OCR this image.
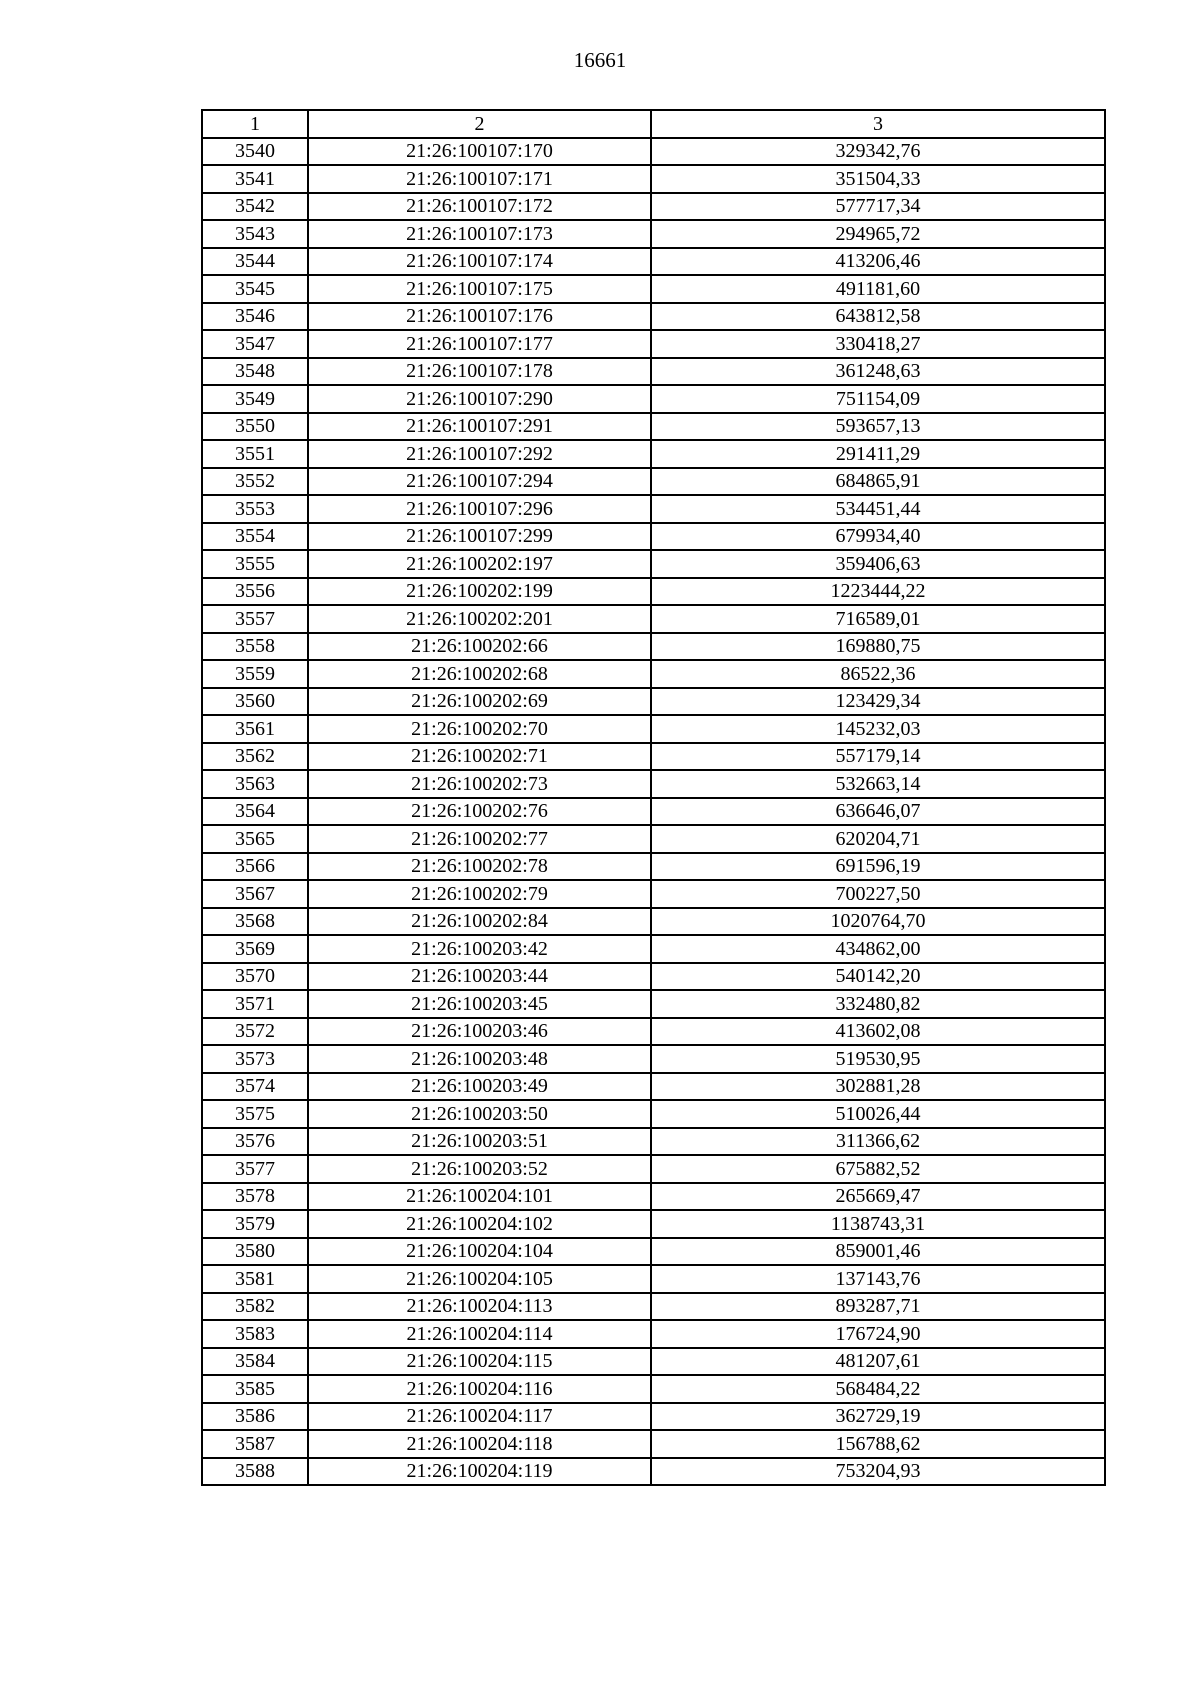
16661
1	2	3
3540	21:26:100107:170	329342,76
3541	21:26:100107:171	351504,33
3542	21:26:100107:172	577717,34
3543	21:26:100107:173	294965,72
3544	21:26:100107:174	413206,46
3545	21:26:100107:175	491181,60
3546	21:26:100107:176	643812,58
3547	21:26:100107:177	330418,27
3548	21:26:100107:178	361248,63
3549	21:26:100107:290	751154,09
3550	21:26:100107:291	593657,13
3551	21:26:100107:292	291411,29
3552	21:26:100107:294	684865,91
3553	21:26:100107:296	534451,44
3554	21:26:100107:299	679934,40
3555	21:26:100202:197	359406,63
3556	21:26:100202:199	1223444,22
3557	21:26:100202:201	716589,01
3558	21:26:100202:66	169880,75
3559	21:26:100202:68	86522,36
3560	21:26:100202:69	123429,34
3561	21:26:100202:70	145232,03
3562	21:26:100202:71	557179,14
3563	21:26:100202:73	532663,14
3564	21:26:100202:76	636646,07
3565	21:26:100202:77	620204,71
3566	21:26:100202:78	691596,19
3567	21:26:100202:79	700227,50
3568	21:26:100202:84	1020764,70
3569	21:26:100203:42	434862,00
3570	21:26:100203:44	540142,20
3571	21:26:100203:45	332480,82
3572	21:26:100203:46	413602,08
3573	21:26:100203:48	519530,95
3574	21:26:100203:49	302881,28
3575	21:26:100203:50	510026,44
3576	21:26:100203:51	311366,62
3577	21:26:100203:52	675882,52
3578	21:26:100204:101	265669,47
3579	21:26:100204:102	1138743,31
3580	21:26:100204:104	859001,46
3581	21:26:100204:105	137143,76
3582	21:26:100204:113	893287,71
3583	21:26:100204:114	176724,90
3584	21:26:100204:115	481207,61
3585	21:26:100204:116	568484,22
3586	21:26:100204:117	362729,19
3587	21:26:100204:118	156788,62
3588	21:26:100204:119	753204,93
